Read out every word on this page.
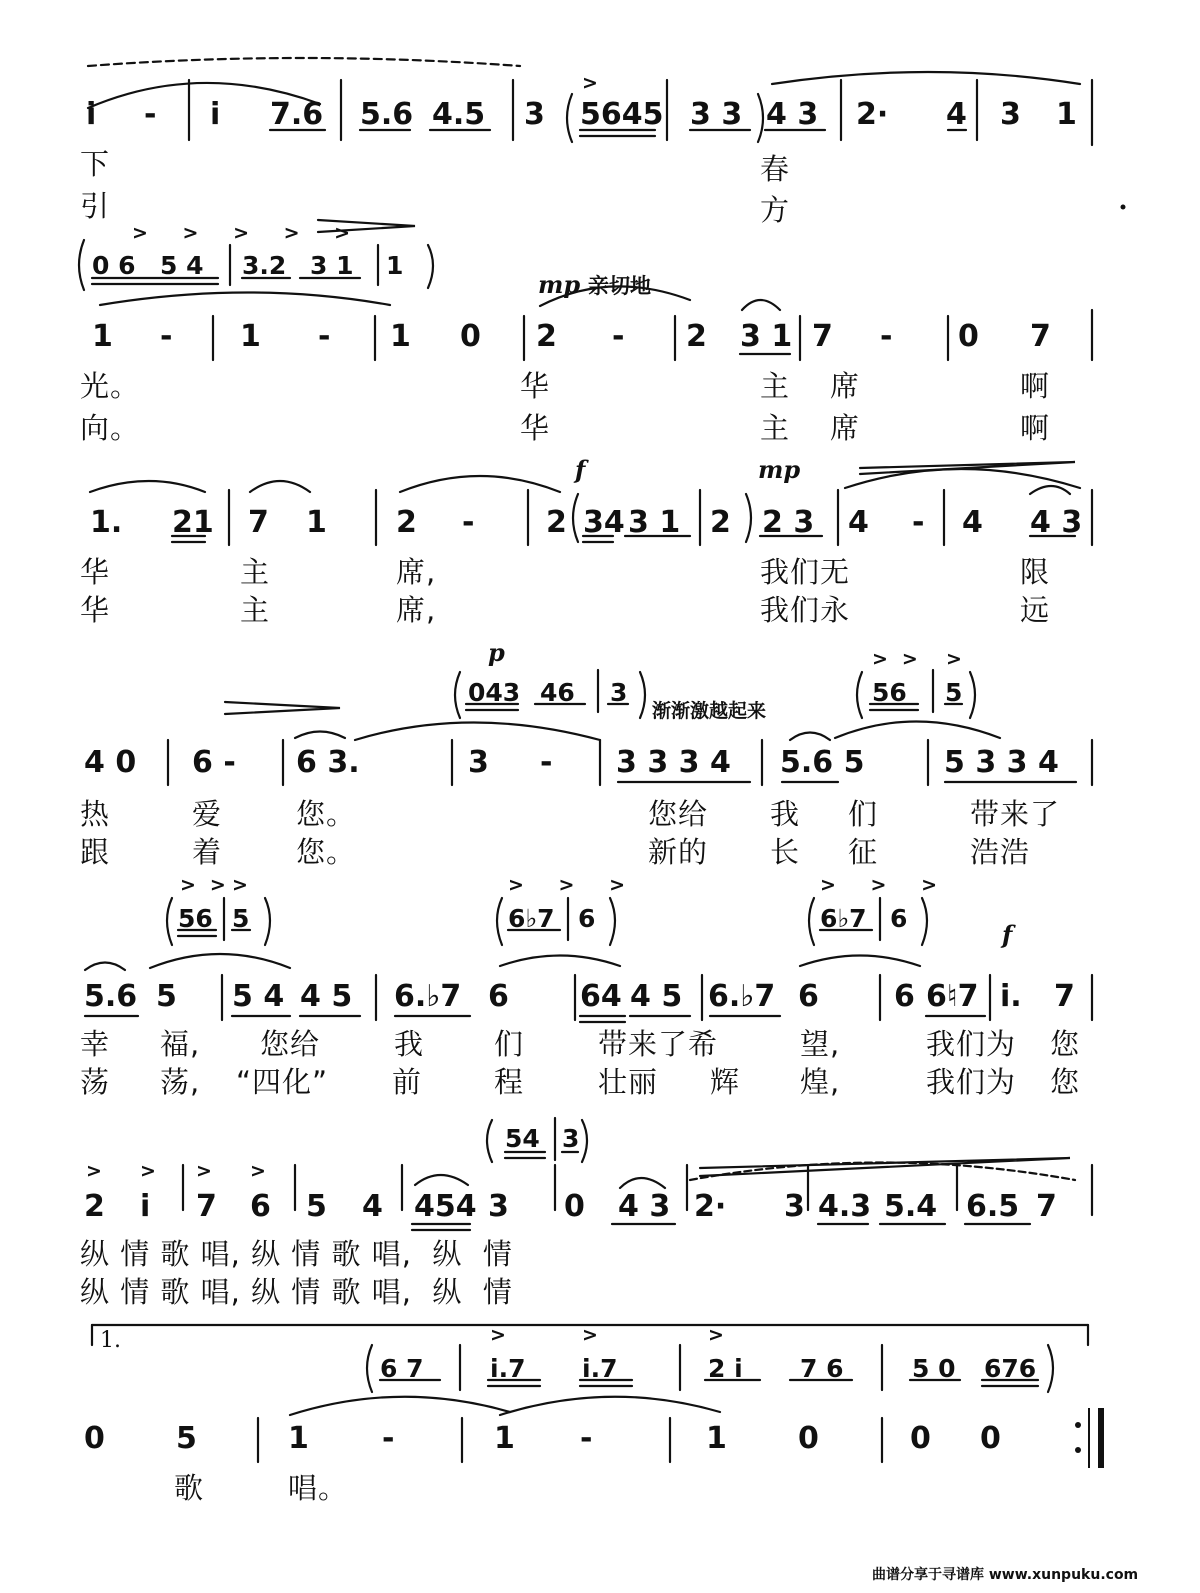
i - i 7.6 5.6 4.5 3 5645 3 3 4 3 2· 4 3 1
>
下	春
引	方
> > > > >
0 6 5 4 3.2 3 1 1
mp 亲切地
1 - 1 - 1 0 2 - 2 3 1 7 - 0 7
光。	华	主 席	啊
向。	华	主 席	啊
f	mp
1. 21 7 1 2 - 2 34 3 1 2 2 3 4 - 4 4 3
华	主	席,	我们无	限
华	主	席,	我们永	远
p
043 46 3
渐渐激越起来
>> >
56 5
4 0 6 - 6 3.	3 - 3 3 3 4 5.6 5	5 3 3 4
热	爱	您。	您给 我 们	带来了
跟	着	您。	新的 长 征	浩浩
>>
>
56 5
> > >
6♭7 6
> > >
6♭7 6
f
5.6 5 5 4 4 5 6.♭7 6 64 4 5 6.♭7 6	6 6♮7 i. 7
幸 福, 您给	我 们	带来了希	望,	我们为 您
荡 荡, “四化” 前 程	壮丽 辉 煌,	我们为 您
54 3
> > > >
2 i 7 6 5 4 454 3 0 4 3 2· 3 4.3 5.4 6.5 7
纵 情 歌 唱, 纵 情 歌 唱,  纵  情
纵 情 歌 唱, 纵 情 歌 唱,  纵  情
1.	>	>	>
6 7	i.7 i.7	2 i 7 6	5 0 676
0 5	1 -	1 -	1 0	0 0
歌	唱。
曲谱分享于寻谱库 www.xunpuku.com
